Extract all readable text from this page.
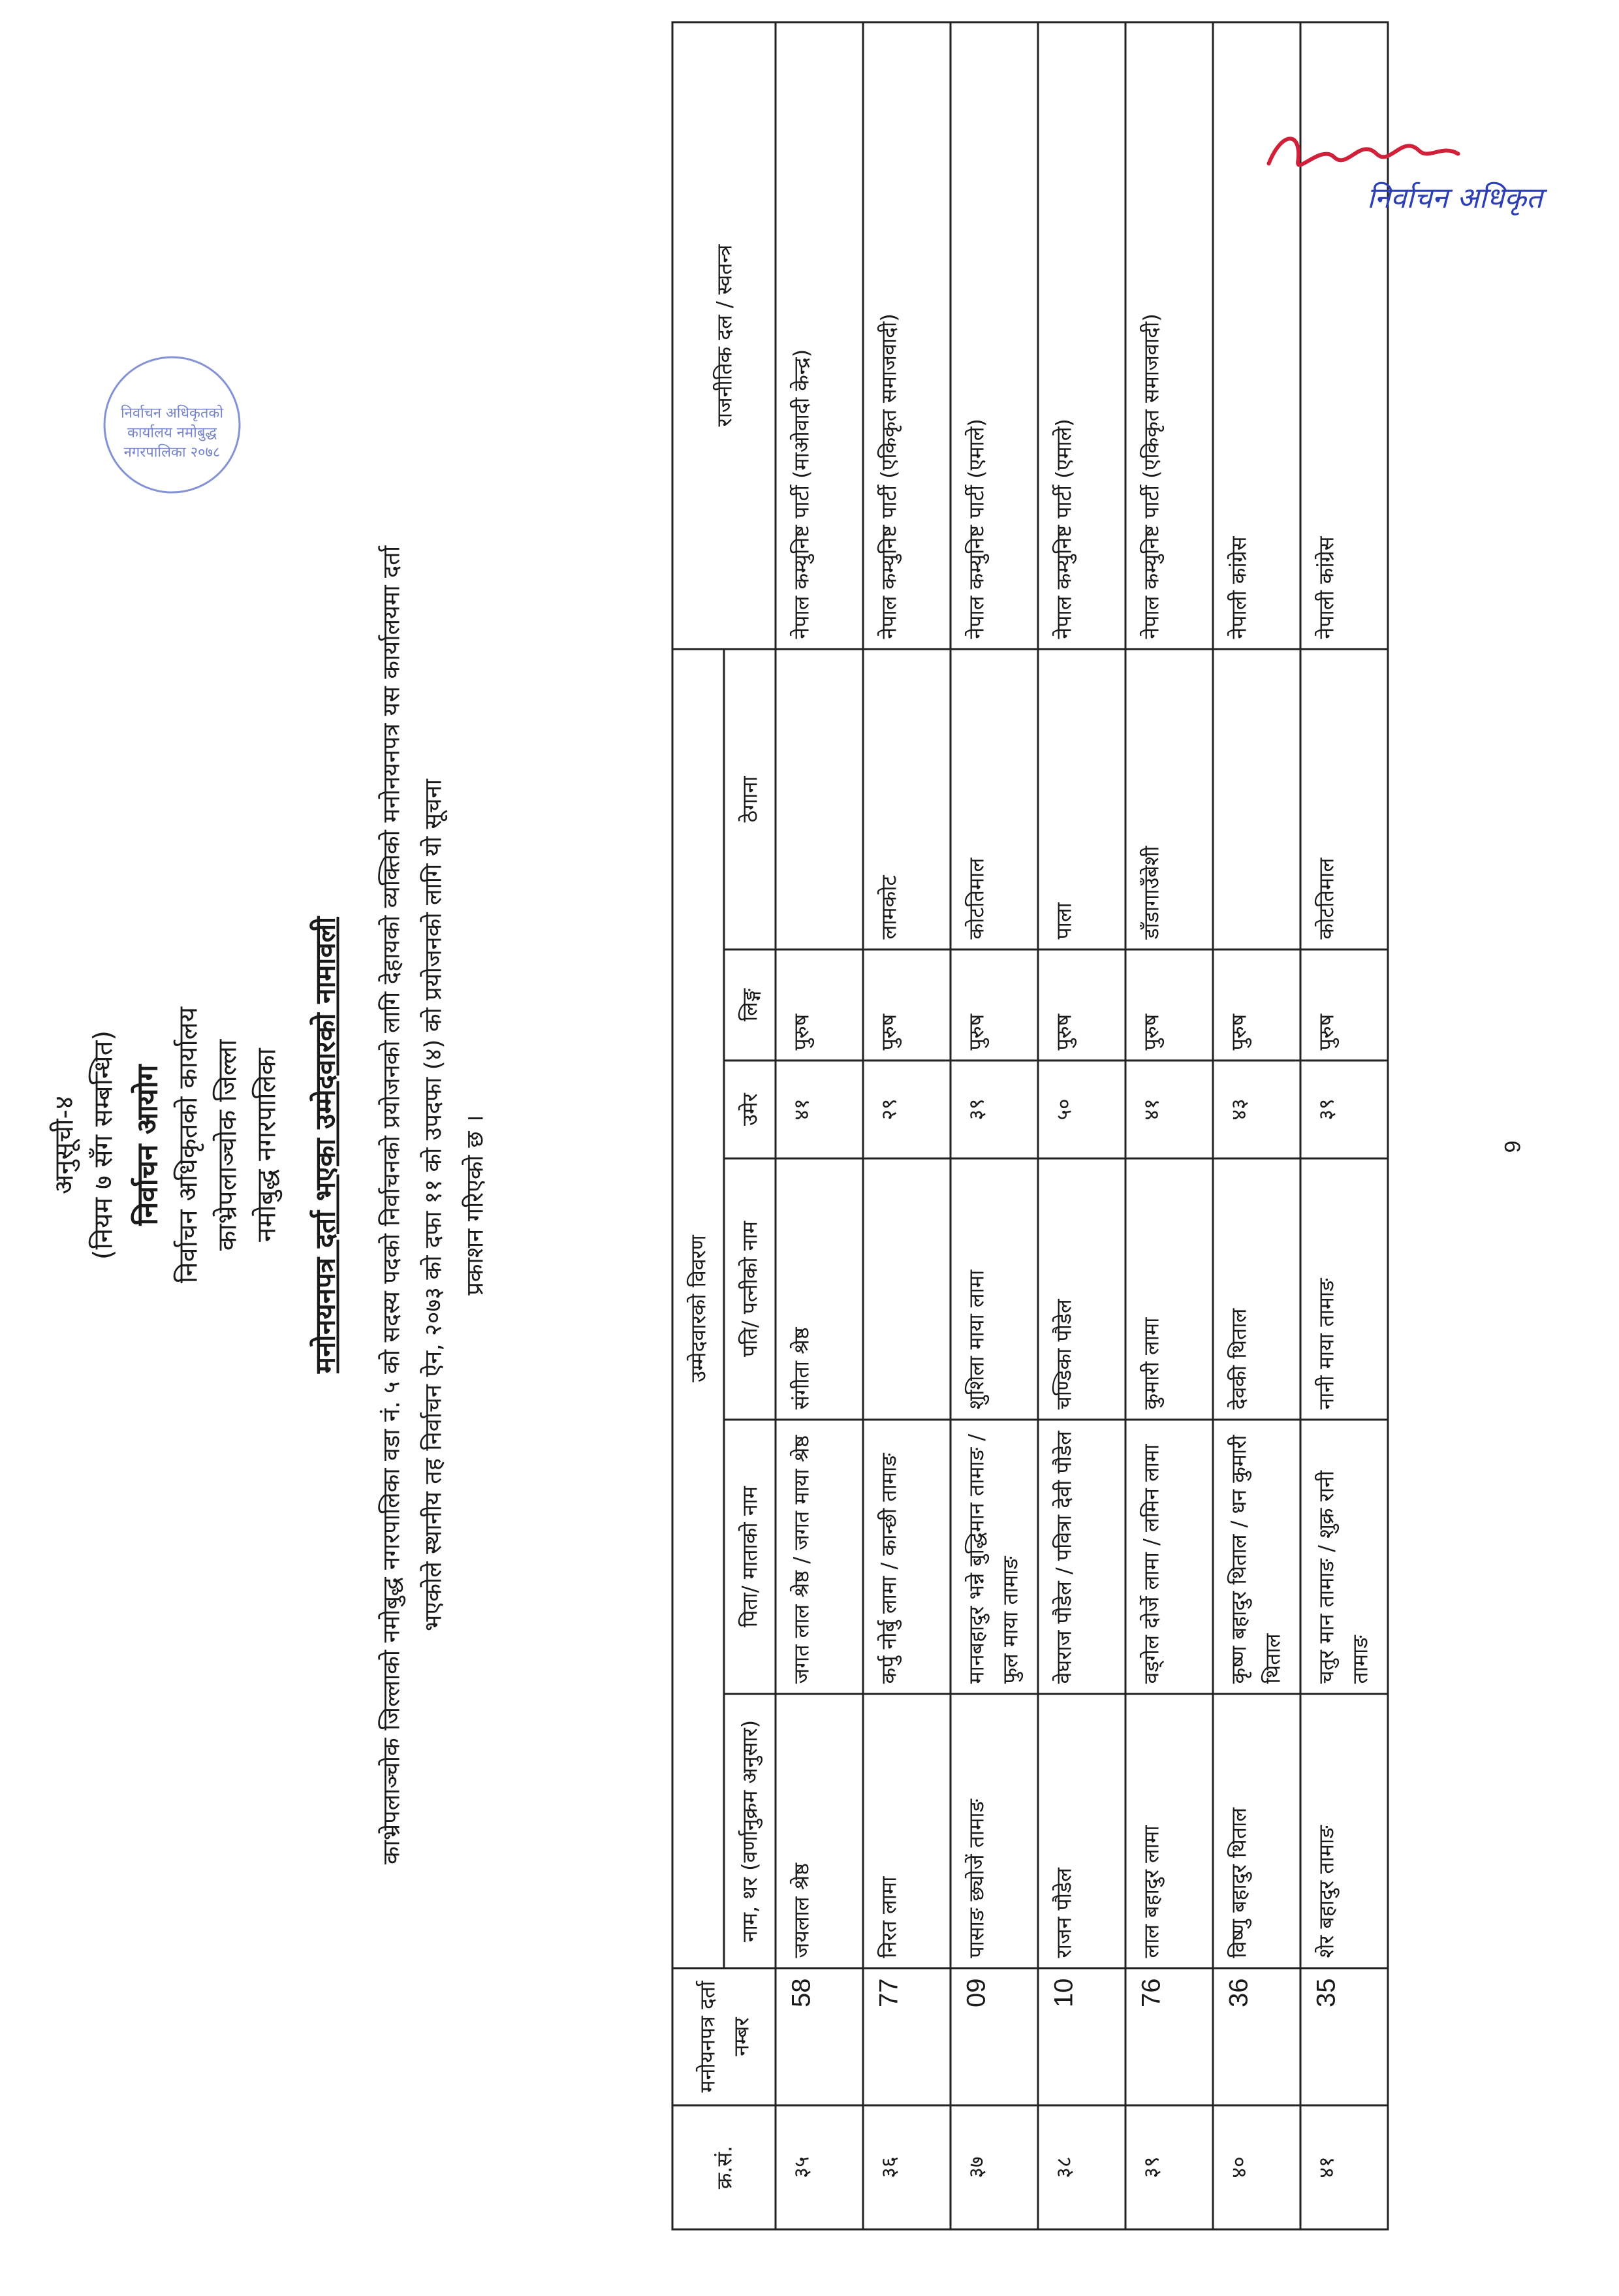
अनुसूची-४ (नियम ७ सँग सम्बन्धित) निर्वाचन आयोग निर्वाचन अधिकृतको कार्यालय काभ्रेपलाञ्चोक जिल्ला नमोबुद्ध नगरपालिका मनोनयनपत्र दर्ता भएका उम्मेदवारको नामावली	काभ्रेपलाञ्चोक जिल्लाको नमोबुद्ध नगरपालिका वडा नं. ५ को सदस्य पदको निर्वाचनको प्रयोजनको लागि देहायको व्यक्तिको मनोनयनपत्र यस कार्यालयमा दर्ता भएकोले स्थानीय तह निर्वाचन ऐन, २०७३ को दफा ११ को उपदफा (४) को प्रयोजनको लागि यो सूचना प्रकाशन गरिएको छ ।
निर्वाचन अधिकृतको कार्यालय नमोबुद्ध नगरपालिका २०७८
क्र.सं.	मनोयनपत्र दर्ता नम्बर	उम्मेदवारको विवरण						राजनीतिक दल / स्वतन्त्र
		नाम, थर (वर्णानुक्रम अनुसार)	पिता/ माताको नाम	पति/ पत्नीको नाम	उमेर	लिङ्ग	ठेगाना	
३५	58	जयलाल श्रेष्ठ	जगत लाल श्रेष्ठ / जगत माया श्रेष्ठ	संगीता श्रेष्ठ	४१	पुरुष		नेपाल कम्युनिष्ट पार्टी (माओवादी केन्द्र)
३६	77	निरत लामा	कर्पु नोर्बु लामा / कान्छी तामाङ		२९	पुरुष	लामकोट	नेपाल कम्युनिष्ट पार्टी (एकिकृत समाजवादी)
३७	09	पासाङ छ्योजें तामाङ	मानबहादुर भन्ने बुद्धिमान तामाङ / फुल माया तामाङ	शुशिला माया लामा	३९	पुरुष	कोटतिमाल	नेपाल कम्युनिष्ट पार्टी (एमाले)
३८	10	राजन पौडेल	वेघराज पौडेल / पवित्रा देवी पौडेल	चण्डिका पौडेल	५०	पुरुष	पाला	नेपाल कम्युनिष्ट पार्टी (एमाले)
३९	76	लाल बहादुर लामा	वड्गेल दोर्जे लामा / लमिन लामा	कुमारी लामा	४१	पुरुष	डाँडागाउँबेशी	नेपाल कम्युनिष्ट पार्टी (एकिकृत समाजवादी)
४०	36	विष्णु बहादुर थिताल	कृष्ण बहादुर थिताल / धन कुमारी थिताल	देवकी थिताल	४३	पुरुष		नेपाली कांग्रेस
४१	35	शेर बहादुर तामाङ	चतुर मान तामाङ / शुक्र रानी तामाङ	नानी माया तामाङ	३९	पुरुष	कोटतिमाल	नेपाली कांग्रेस
निर्वाचन अधिकृत
9
